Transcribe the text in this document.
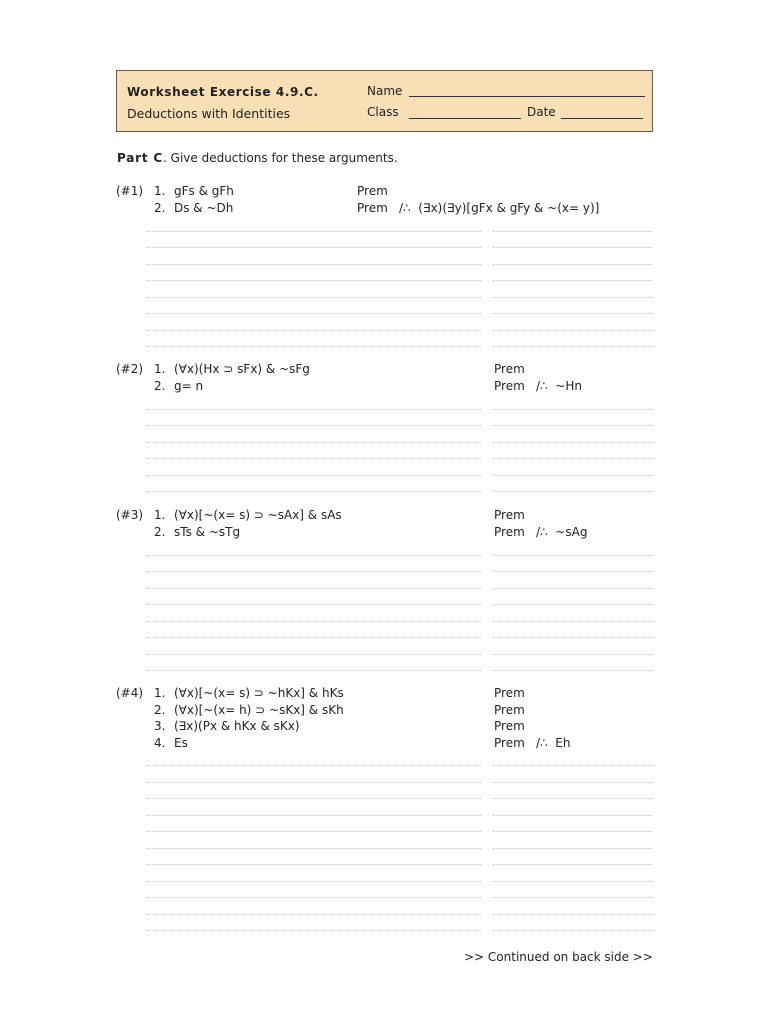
Worksheet Exercise 4.9.C.
Deductions with Identities
Name
Class	Date
Part C. Give deductions for these arguments.
(#1) 1. gFs & gFh	Prem
2. Ds & ~Dh	Prem /∴  (∃x)(∃y)[gFx & gFy & ~(x= y)]
(#2) 1. (∀x)(Hx ⊃ sFx) & ~sFg	Prem
2. g= n	Prem /∴  ~Hn
(#3) 1. (∀x)[~(x= s) ⊃ ~sAx] & sAs	Prem
2. sTs & ~sTg	Prem /∴  ~sAg
(#4) 1. (∀x)[~(x= s) ⊃ ~hKx] & hKs	Prem
2. (∀x)[~(x= h) ⊃ ~sKx] & sKh	Prem
3. (∃x)(Px & hKx & sKx)	Prem
4. Es	Prem /∴  Eh
>> Continued on back side >>
